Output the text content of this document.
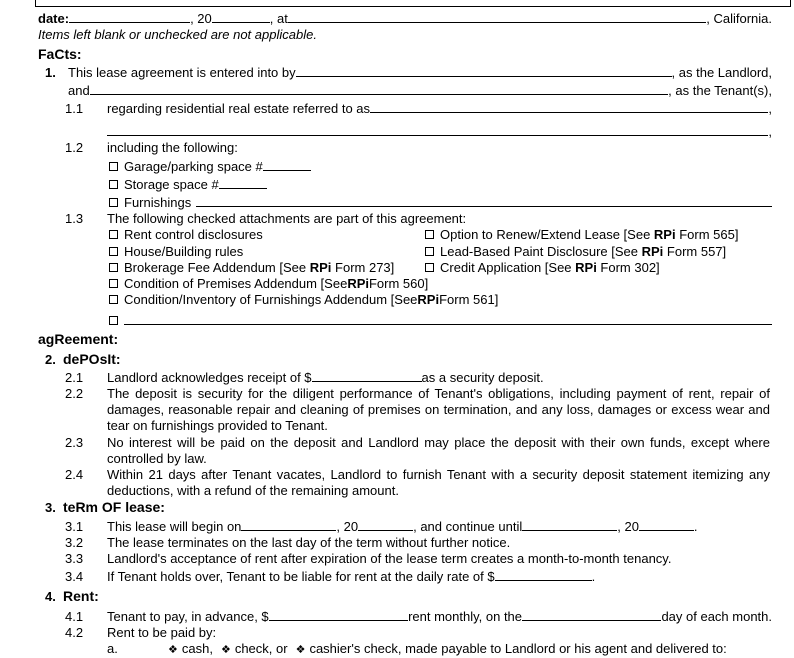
date:	, 20	, at	, California.
Items left blank or unchecked are not applicable.
FaCts:
1. This lease agreement is entered into by	, as the Landlord,
and	, as the Tenant(s),
1.1	regarding residential real estate referred to as	,
,
1.2	including the following:
Garage/parking space #
Storage space #
Furnishings
1.3	The following checked attachments are part of this agreement:
Rent control disclosures	Option to Renew/Extend Lease [See RPi Form 565]
House/Building rules	Lead-Based Paint Disclosure [See RPi Form 557]
Brokerage Fee Addendum [See RPi Form 273]	Credit Application [See RPi Form 302]
Condition of Premises Addendum [See RPi Form 560]
Condition/Inventory of Furnishings Addendum [See RPi Form 561]
agReement:
2. dePOsIt:
2.1	Landlord acknowledges receipt of $	as a security deposit.
2.2	The deposit is security for the diligent performance of Tenant's obligations, including payment of rent, repair of damages, reasonable repair and cleaning of premises on termination, and any loss, damages or excess wear and tear on furnishings provided to Tenant.
2.3	No interest will be paid on the deposit and Landlord may place the deposit with their own funds, except where controlled by law.
2.4	Within 21 days after Tenant vacates, Landlord to furnish Tenant with a security deposit statement itemizing any deductions, with a refund of the remaining amount.
3. teRm OF lease:
3.1	This lease will begin on	, 20	, and continue until	, 20	.
3.2	The lease terminates on the last day of the term without further notice.
3.3	Landlord's acceptance of rent after expiration of the lease term creates a month-to-month tenancy.
3.4	If Tenant holds over, Tenant to be liable for rent at the daily rate of $	.
4. Rent:
4.1	Tenant to pay, in advance, $	rent monthly, on the	day of each month.
4.2	Rent to be paid by:
a.	❖ cash, ❖ check, or ❖ cashier's check, made payable to Landlord or his agent and delivered to:
